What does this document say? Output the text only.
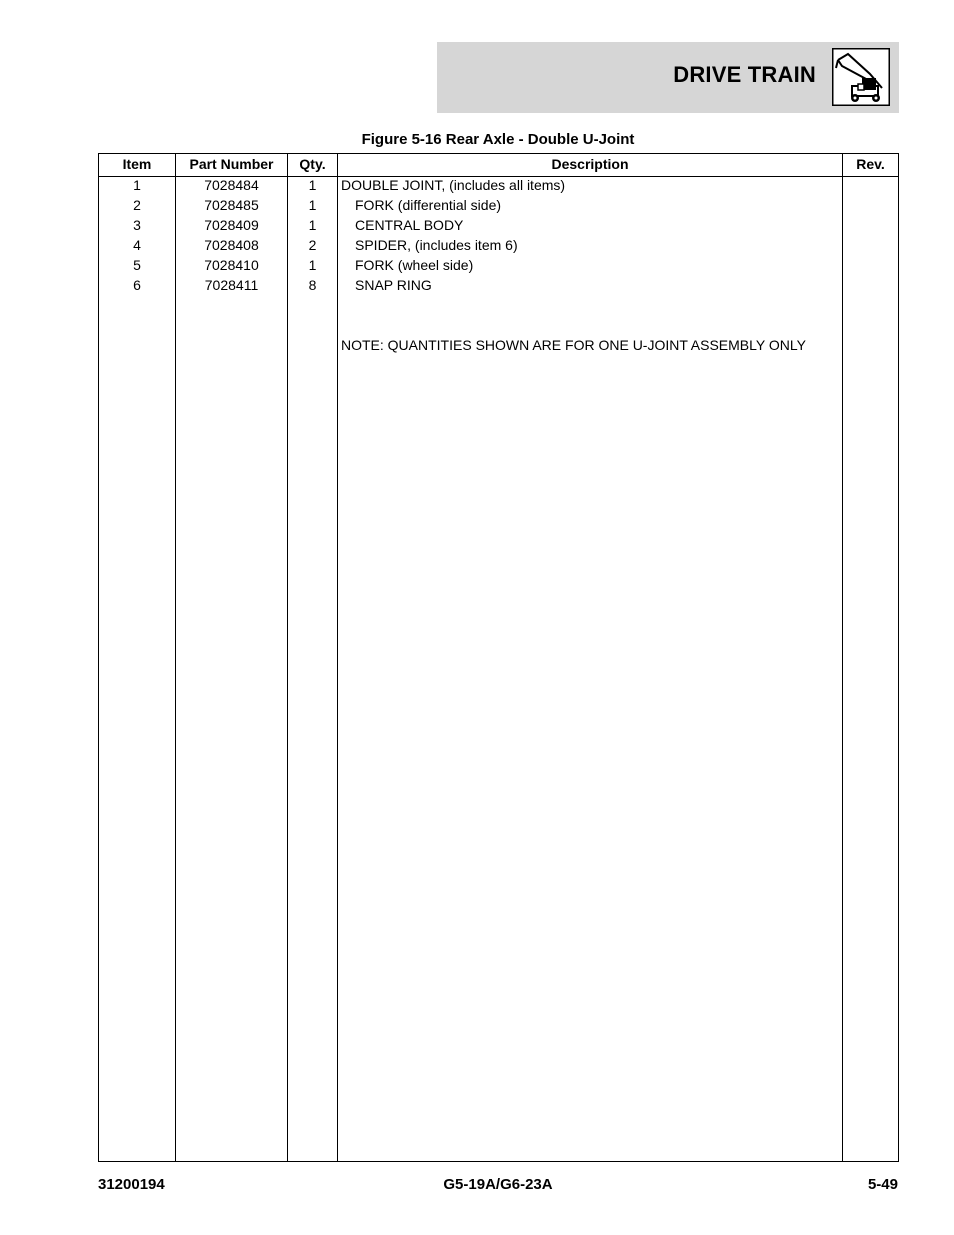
DRIVE TRAIN
Figure 5-16 Rear Axle - Double U-Joint
Item	Part Number	Qty.	Description	Rev.
1	7028484	1	DOUBLE JOINT, (includes all items)
2	7028485	1	FORK (differential side)
3	7028409	1	CENTRAL BODY
4	7028408	2	SPIDER, (includes item 6)
5	7028410	1	FORK (wheel side)
6	7028411	8	SNAP RING
NOTE: QUANTITIES SHOWN ARE FOR ONE U-JOINT ASSEMBLY ONLY
31200194	G5-19A/G6-23A	5-49
